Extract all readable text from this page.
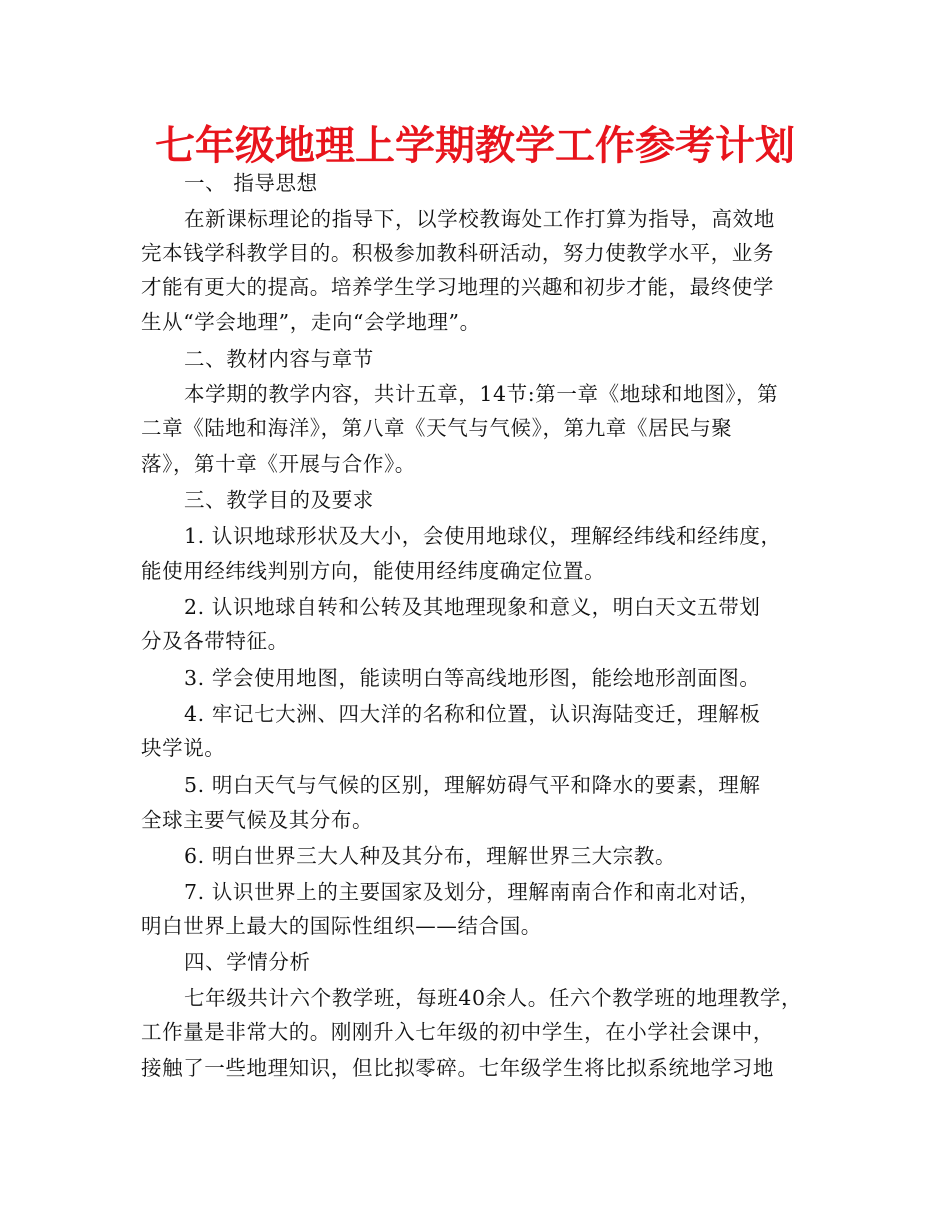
七年级地理上学期教学工作参考计划
一、 指导思想
在新课标理论的指导下，以学校教诲处工作打算为指导，高效地
完本钱学科教学目的。积极参加教科研活动，努力使教学水平，业务
才能有更大的提高。培养学生学习地理的兴趣和初步才能，最终使学
生从“学会地理”，走向“会学地理”。
二、教材内容与章节
本学期的教学内容，共计五章，14节:第一章《地球和地图》，第
二章《陆地和海洋》，第八章《天气与气候》，第九章《居民与聚
落》，第十章《开展与合作》。
三、教学目的及要求
1. 认识地球形状及大小，会使用地球仪，理解经纬线和经纬度，
能使用经纬线判别方向，能使用经纬度确定位置。
2. 认识地球自转和公转及其地理现象和意义，明白天文五带划
分及各带特征。
3. 学会使用地图，能读明白等高线地形图，能绘地形剖面图。
4. 牢记七大洲、四大洋的名称和位置，认识海陆变迁，理解板
块学说。
5. 明白天气与气候的区别，理解妨碍气平和降水的要素，理解
全球主要气候及其分布。
6. 明白世界三大人种及其分布，理解世界三大宗教。
7. 认识世界上的主要国家及划分，理解南南合作和南北对话，
明白世界上最大的国际性组织——结合国。
四、学情分析
七年级共计六个教学班，每班40余人。任六个教学班的地理教学，
工作量是非常大的。刚刚升入七年级的初中学生，在小学社会课中，
接触了一些地理知识，但比拟零碎。七年级学生将比拟系统地学习地
